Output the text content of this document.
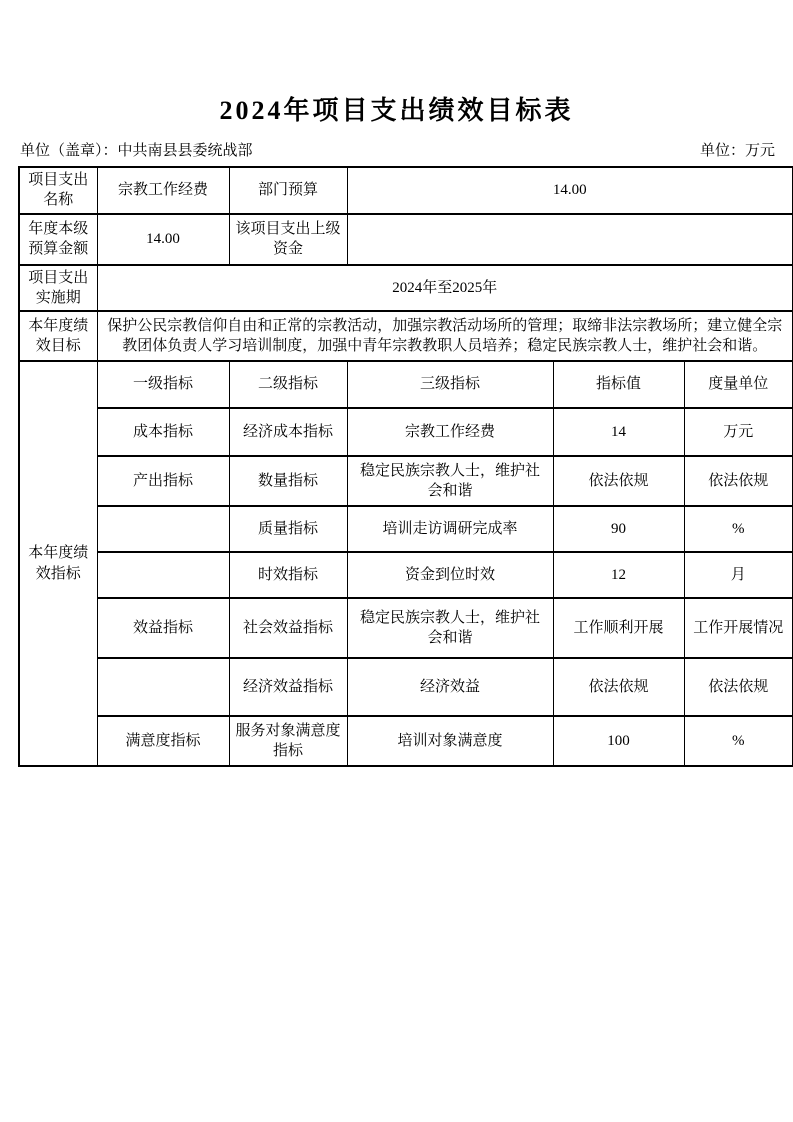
2024年项目支出绩效目标表
单位（盖章）：中共南县县委统战部	单位：万元
项目支出名称	宗教工作经费	部门预算	14.00		
年度本级预算金额	14.00	该项目支出上级资金			
项目支出实施期	2024年至2025年				
本年度绩效目标	保护公民宗教信仰自由和正常的宗教活动，加强宗教活动场所的管理；取缔非法宗教场所；建立健全宗教团体负责人学习培训制度，加强中青年宗教教职人员培养；稳定民族宗教人士，维护社会和谐。				
本年度绩效指标	一级指标	二级指标	三级指标	指标值	度量单位
	成本指标	经济成本指标	宗教工作经费	14	万元
	产出指标	数量指标	稳定民族宗教人士，维护社会和谐	依法依规	依法依规
		质量指标	培训走访调研完成率	90	%
		时效指标	资金到位时效	12	月
	效益指标	社会效益指标	稳定民族宗教人士，维护社会和谐	工作顺利开展	工作开展情况
		经济效益指标	经济效益	依法依规	依法依规
	满意度指标	服务对象满意度指标	培训对象满意度	100	%
